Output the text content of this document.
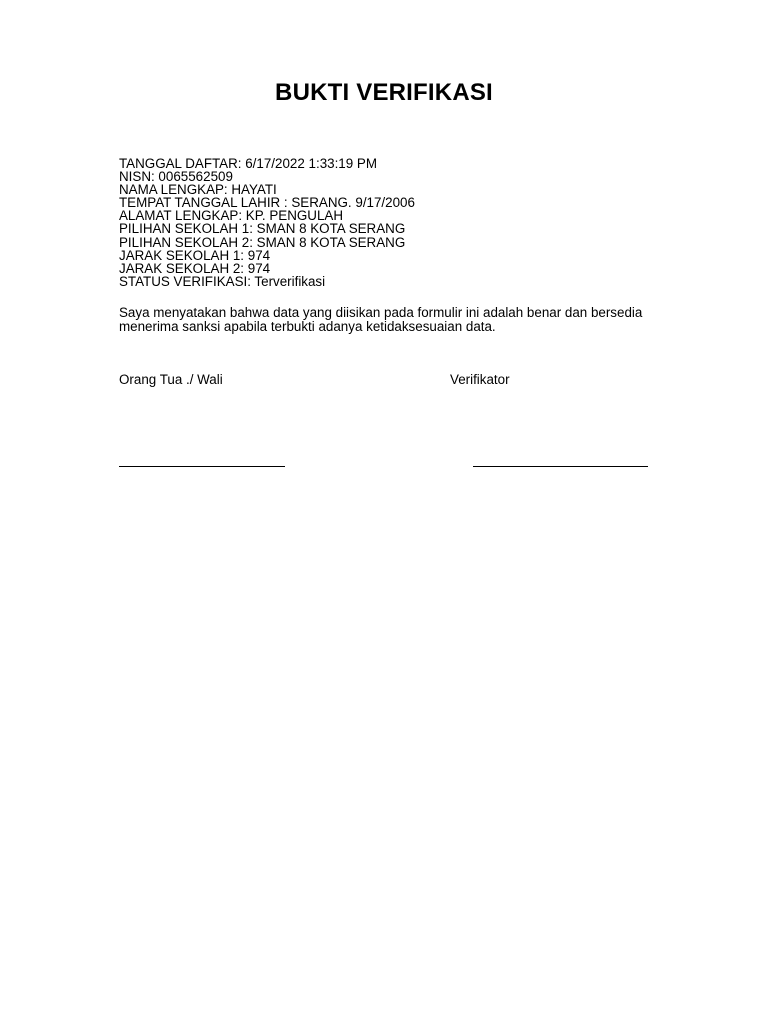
BUKTI VERIFIKASI
TANGGAL DAFTAR: 6/17/2022 1:33:19 PM
NISN: 0065562509
NAMA LENGKAP: HAYATI
TEMPAT TANGGAL LAHIR : SERANG. 9/17/2006
ALAMAT LENGKAP: KP. PENGULAH
PILIHAN SEKOLAH 1: SMAN 8 KOTA SERANG
PILIHAN SEKOLAH 2: SMAN 8 KOTA SERANG
JARAK SEKOLAH 1: 974
JARAK SEKOLAH 2: 974
STATUS VERIFIKASI: Terverifikasi
Saya menyatakan bahwa data yang diisikan pada formulir ini adalah benar dan bersedia menerima sanksi apabila terbukti adanya ketidaksesuaian data.
Orang Tua ./ Wali	Verifikator
